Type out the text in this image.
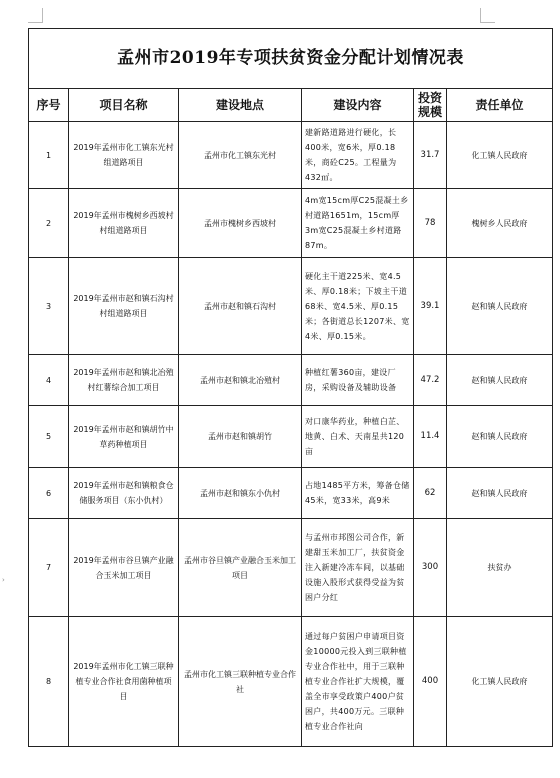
›
孟州市2019年专项扶贫资金分配计划情况表					
序号	项目名称	建设地点	建设内容	投资规模	责任单位
1	2019年孟州市化工镇东光村组道路项目	孟州市化工镇东光村	建新路道路进行硬化，长400米，宽6米，厚0.18米，商砼C25。工程量为432㎡。	31.7	化工镇人民政府
2	2019年孟州市槐树乡西坡村村组道路项目	孟州市槐树乡西坡村	4m宽15cm厚C25混凝土乡村道路1651m，15cm厚3m宽C25混凝土乡村道路87m。	78	槐树乡人民政府
3	2019年孟州市赵和镇石沟村村组道路项目	孟州市赵和镇石沟村	硬化主干道225米、宽4.5米、厚0.18米；下坡主干道68米、宽4.5米、厚0.15米；各街道总长1207米、宽4米、厚0.15米。	39.1	赵和镇人民政府
4	2019年孟州市赵和镇北冶殖村红薯综合加工项目	孟州市赵和镇北冶殖村	种植红薯360亩，建设厂房，采购设备及辅助设备	47.2	赵和镇人民政府
5	2019年孟州市赵和镇胡竹中草药种植项目	孟州市赵和镇胡竹	对口康华药业，种植白芷、地黄、白术、天南星共120亩	11.4	赵和镇人民政府
6	2019年孟州市赵和镇粮食仓储服务项目（东小仇村）	孟州市赵和镇东小仇村	占地1485平方米，筹备仓储45米，宽33米，高9米	62	赵和镇人民政府
7	2019年孟州市谷旦镇产业融合玉米加工项目	孟州市谷旦镇产业融合玉米加工项目	与孟州市邦图公司合作，新建甜玉米加工厂，扶贫资金注入新建冷冻车间，以基础设施入股形式获得受益为贫困户分红	300	扶贫办
8	2019年孟州市化工镇三联种植专业合作社食用菌种植项目	孟州市化工镇三联种植专业合作社	通过每户贫困户申请项目资金10000元投入到三联种植专业合作社中，用于三联种植专业合作社扩大规模，覆盖全市享受政策户400户贫困户，共400万元。三联种植专业合作社向	400	化工镇人民政府
